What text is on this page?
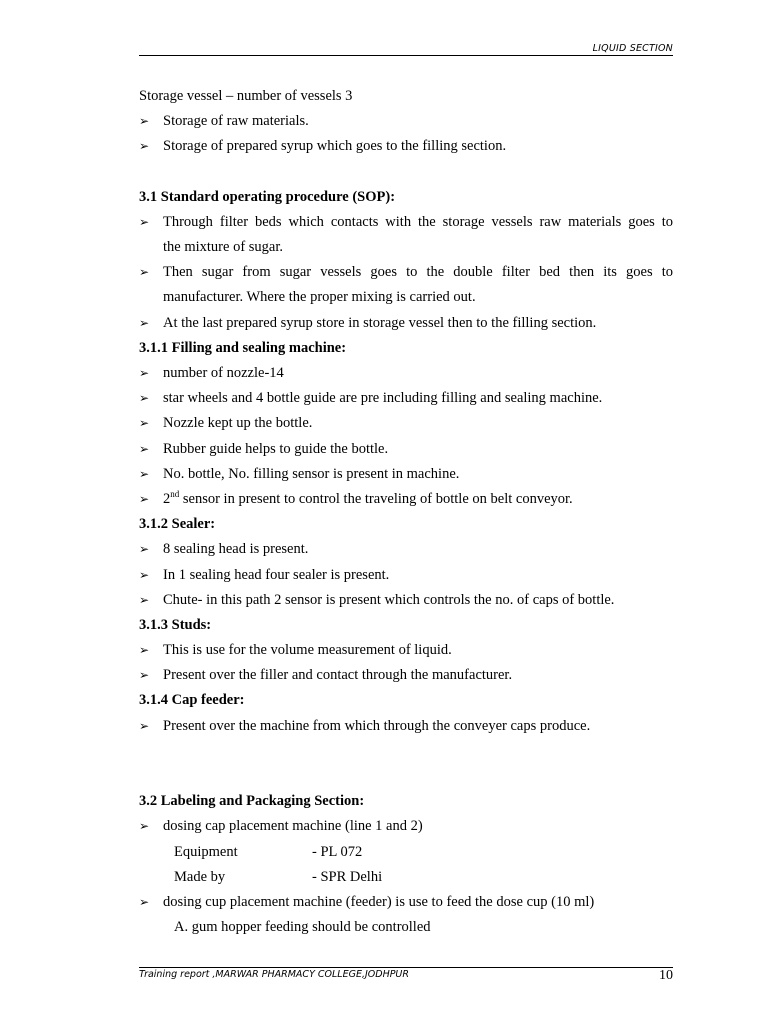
LIQUID SECTION
Storage vessel – number of vessels 3
➢ Storage of raw materials.
➢ Storage of prepared syrup which goes to the filling section.
3.1 Standard operating procedure (SOP):
➢ Through filter beds which contacts with the storage vessels raw materials goes to
the mixture of sugar.
➢ Then sugar from sugar vessels goes to the double filter bed then its goes to
manufacturer. Where the proper mixing is carried out.
➢ At the last prepared syrup store in storage vessel then to the filling section.
3.1.1 Filling and sealing machine:
➢ number of nozzle-14
➢ star wheels and 4 bottle guide are pre including filling and sealing machine.
➢ Nozzle kept up the bottle.
➢ Rubber guide helps to guide the bottle.
➢ No. bottle, No. filling sensor is present in machine.
➢ 2nd sensor in present to control the traveling of bottle on belt conveyor.
3.1.2 Sealer:
➢ 8 sealing head is present.
➢ In 1 sealing head four sealer is present.
➢ Chute- in this path 2 sensor is present which controls the no. of caps of bottle.
3.1.3 Studs:
➢ This is use for the volume measurement of liquid.
➢ Present over the filler and contact through the manufacturer.
3.1.4 Cap feeder:
➢ Present over the machine from which through the conveyer caps produce.
3.2 Labeling and Packaging Section:
➢ dosing cap placement machine (line 1 and 2)
Equipment	- PL 072
Made by	- SPR Delhi
➢ dosing cup placement machine (feeder) is use to feed the dose cup (10 ml)
A. gum hopper feeding should be controlled
Training report ,MARWAR PHARMACY COLLEGE,JODHPUR	10
